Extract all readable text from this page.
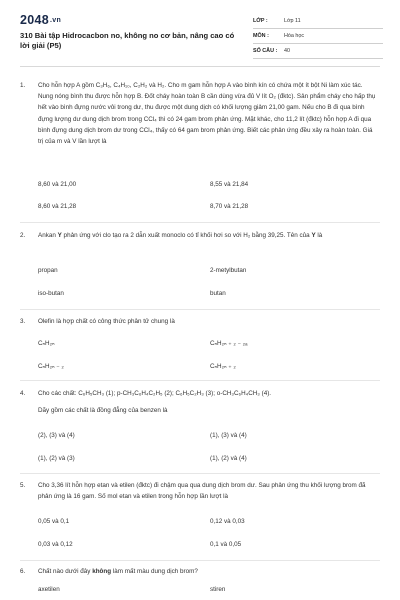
2048.vn
310 Bài tập Hidrocacbon no, không no cơ bản, nâng cao có lời giải (P5)
LỚP :	Lớp 11
MÔN :	Hóa học
SỐ CÂU :	40
1. Cho hỗn hợp A gồm C₃H₆, C₄H₁₀, C₂H₂ và H₂. Cho m gam hỗn hợp A vào bình kín có chứa một ít bột Ni làm xúc tác. Nung nóng bình thu được hỗn hợp B. Đốt cháy hoàn toàn B cần dùng vừa đủ V lít O₂ (đktc). Sản phẩm cháy cho hấp thụ hết vào bình đựng nước vôi trong dư, thu được một dung dịch có khối lượng giảm 21,00 gam. Nếu cho B đi qua bình đựng lượng dư dung dịch brom trong CCl₄ thì có 24 gam brom phản ứng. Mặt khác, cho 11,2 lít (đktc) hỗn hợp A đi qua bình đựng dung dịch brom dư trong CCl₄, thấy có 64 gam brom phản ứng. Biết các phản ứng đều xảy ra hoàn toàn. Giá trị của m và V lần lượt là
8,60 và 21,00	8,55 và 21,84
8,60 và 21,28	8,70 và 21,28
2. Ankan Y phản ứng với clo tạo ra 2 dẫn xuất monoclo có tỉ khối hơi so với H₂ bằng 39,25. Tên của Y là
propan	2-metylbutan
iso-butan	butan
3. Olefin là hợp chất có công thức phân tử chung là
CₙH₂ₙ	CₙH₂ₙ ₊ ₂ ₋ ₂ₐ
CₙH₂ₙ ₋ ₂	CₙH₂ₙ ₊ ₂
4. Cho các chất: C₆H₅CH₃ (1); p-CH₃C₆H₄C₂H₅ (2); C₆H₅C₂H₃ (3); o-CH₃C₆H₄CH₃ (4).
Dãy gồm các chất là đồng đẳng của benzen là
(2), (3) và (4)	(1), (3) và (4)
(1), (2) và (3)	(1), (2) và (4)
5. Cho 3,36 lít hỗn hợp etan và etilen (đktc) đi chậm qua qua dung dịch brom dư. Sau phản ứng thu khối lượng brom đã phản ứng là 16 gam. Số mol etan và etilen trong hỗn hợp lần lượt là
0,05 và 0,1	0,12 và 0,03
0,03 và 0,12	0,1 và 0,05
6. Chất nào dưới đây không làm mất màu dung dịch brom?
axetilen	stiren
